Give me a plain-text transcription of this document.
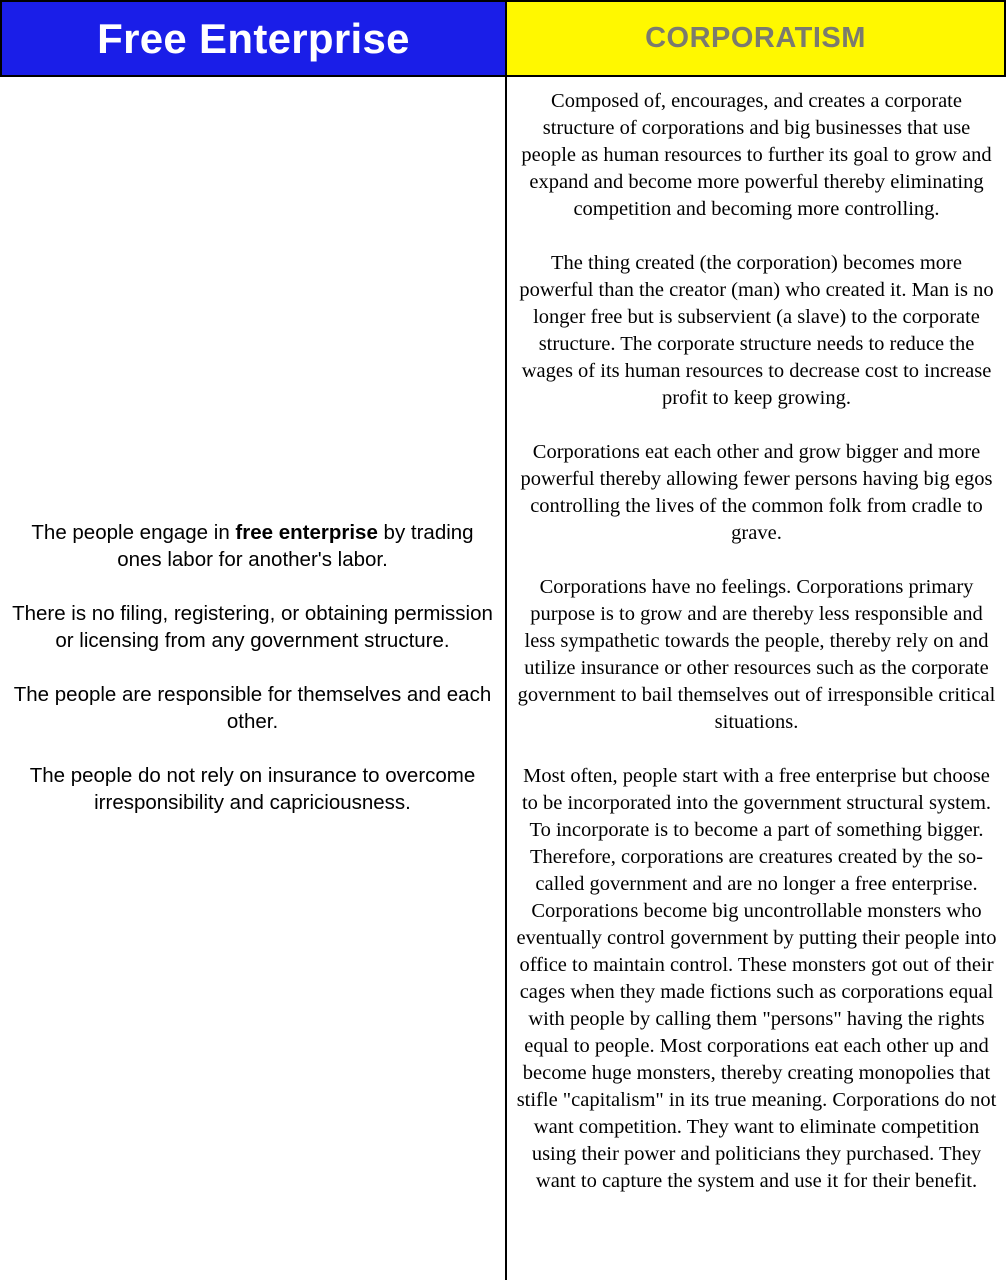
Free Enterprise	CORPORATISM

The people engage in free enterprise by trading ones labor for another's labor.

There is no filing, registering, or obtaining permission or licensing from any government structure.

The people are responsible for themselves and each other.

The people do not rely on insurance to overcome irresponsibility and capriciousness.

Composed of, encourages, and creates a corporate structure of corporations and big businesses that use people as human resources to further its goal to grow and expand and become more powerful thereby eliminating competition and becoming more controlling.

The thing created (the corporation) becomes more powerful than the creator (man) who created it. Man is no longer free but is subservient (a slave) to the corporate structure. The corporate structure needs to reduce the wages of its human resources to decrease cost to increase profit to keep growing.

Corporations eat each other and grow bigger and more powerful thereby allowing fewer persons having big egos controlling the lives of the common folk from cradle to grave.

Corporations have no feelings. Corporations primary purpose is to grow and are thereby less responsible and less sympathetic towards the people, thereby rely on and utilize insurance or other resources such as the corporate government to bail themselves out of irresponsible critical situations.

Most often, people start with a free enterprise but choose to be incorporated into the government structural system. To incorporate is to become a part of something bigger. Therefore, corporations are creatures created by the so-called government and are no longer a free enterprise. Corporations become big uncontrollable monsters who eventually control government by putting their people into office to maintain control. These monsters got out of their cages when they made fictions such as corporations equal with people by calling them "persons" having the rights equal to people. Most corporations eat each other up and become huge monsters, thereby creating monopolies that stifle "capitalism" in its true meaning. Corporations do not want competition. They want to eliminate competition using their power and politicians they purchased. They want to capture the system and use it for their benefit.
